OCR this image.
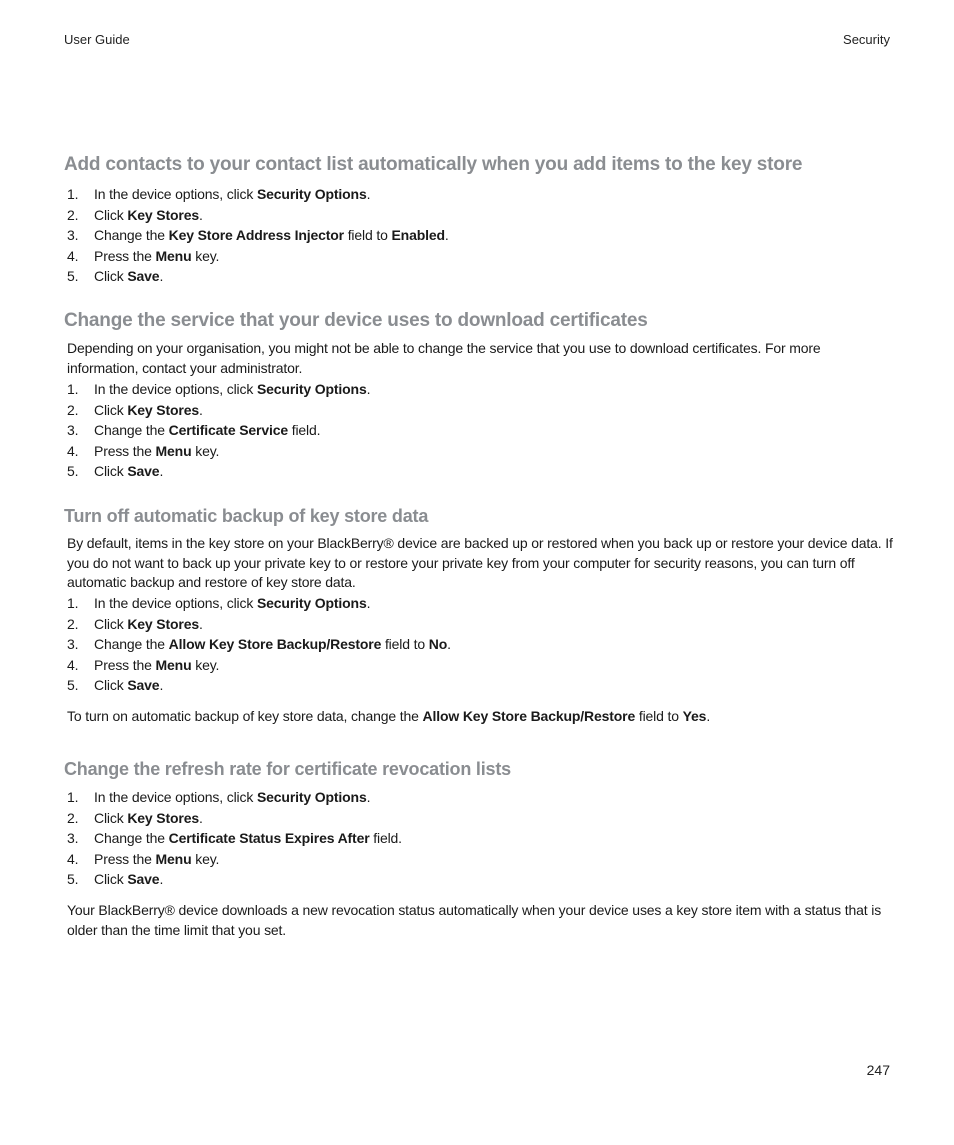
User Guide	Security
Add contacts to your contact list automatically when you add items to the key store
1. In the device options, click Security Options.
2. Click Key Stores.
3. Change the Key Store Address Injector field to Enabled.
4. Press the Menu key.
5. Click Save.
Change the service that your device uses to download certificates
Depending on your organisation, you might not be able to change the service that you use to download certificates. For more information, contact your administrator.
1. In the device options, click Security Options.
2. Click Key Stores.
3. Change the Certificate Service field.
4. Press the Menu key.
5. Click Save.
Turn off automatic backup of key store data
By default, items in the key store on your BlackBerry® device are backed up or restored when you back up or restore your device data. If you do not want to back up your private key to or restore your private key from your computer for security reasons, you can turn off automatic backup and restore of key store data.
1. In the device options, click Security Options.
2. Click Key Stores.
3. Change the Allow Key Store Backup/Restore field to No.
4. Press the Menu key.
5. Click Save.
To turn on automatic backup of key store data, change the Allow Key Store Backup/Restore field to Yes.
Change the refresh rate for certificate revocation lists
1. In the device options, click Security Options.
2. Click Key Stores.
3. Change the Certificate Status Expires After field.
4. Press the Menu key.
5. Click Save.
Your BlackBerry® device downloads a new revocation status automatically when your device uses a key store item with a status that is older than the time limit that you set.
247
